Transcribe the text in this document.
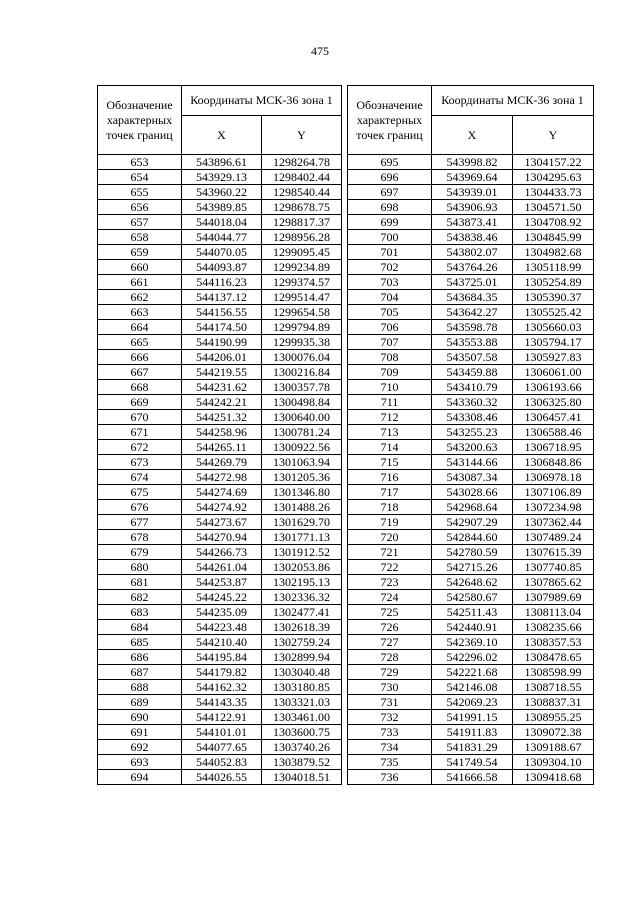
475
Обозначение характерных точек границ	Координаты МСК-36 зона 1	
	X	Y
653	543896.61	1298264.78
654	543929.13	1298402.44
655	543960.22	1298540.44
656	543989.85	1298678.75
657	544018.04	1298817.37
658	544044.77	1298956.28
659	544070.05	1299095.45
660	544093.87	1299234.89
661	544116.23	1299374.57
662	544137.12	1299514.47
663	544156.55	1299654.58
664	544174.50	1299794.89
665	544190.99	1299935.38
666	544206.01	1300076.04
667	544219.55	1300216.84
668	544231.62	1300357.78
669	544242.21	1300498.84
670	544251.32	1300640.00
671	544258.96	1300781.24
672	544265.11	1300922.56
673	544269.79	1301063.94
674	544272.98	1301205.36
675	544274.69	1301346.80
676	544274.92	1301488.26
677	544273.67	1301629.70
678	544270.94	1301771.13
679	544266.73	1301912.52
680	544261.04	1302053.86
681	544253.87	1302195.13
682	544245.22	1302336.32
683	544235.09	1302477.41
684	544223.48	1302618.39
685	544210.40	1302759.24
686	544195.84	1302899.94
687	544179.82	1303040.48
688	544162.32	1303180.85
689	544143.35	1303321.03
690	544122.91	1303461.00
691	544101.01	1303600.75
692	544077.65	1303740.26
693	544052.83	1303879.52
694	544026.55	1304018.51
Обозначение характерных точек границ	Координаты МСК-36 зона 1	
	X	Y
695	543998.82	1304157.22
696	543969.64	1304295.63
697	543939.01	1304433.73
698	543906.93	1304571.50
699	543873.41	1304708.92
700	543838.46	1304845.99
701	543802.07	1304982.68
702	543764.26	1305118.99
703	543725.01	1305254.89
704	543684.35	1305390.37
705	543642.27	1305525.42
706	543598.78	1305660.03
707	543553.88	1305794.17
708	543507.58	1305927.83
709	543459.88	1306061.00
710	543410.79	1306193.66
711	543360.32	1306325.80
712	543308.46	1306457.41
713	543255.23	1306588.46
714	543200.63	1306718.95
715	543144.66	1306848.86
716	543087.34	1306978.18
717	543028.66	1307106.89
718	542968.64	1307234.98
719	542907.29	1307362.44
720	542844.60	1307489.24
721	542780.59	1307615.39
722	542715.26	1307740.85
723	542648.62	1307865.62
724	542580.67	1307989.69
725	542511.43	1308113.04
726	542440.91	1308235.66
727	542369.10	1308357.53
728	542296.02	1308478.65
729	542221.68	1308598.99
730	542146.08	1308718.55
731	542069.23	1308837.31
732	541991.15	1308955.25
733	541911.83	1309072.38
734	541831.29	1309188.67
735	541749.54	1309304.10
736	541666.58	1309418.68
